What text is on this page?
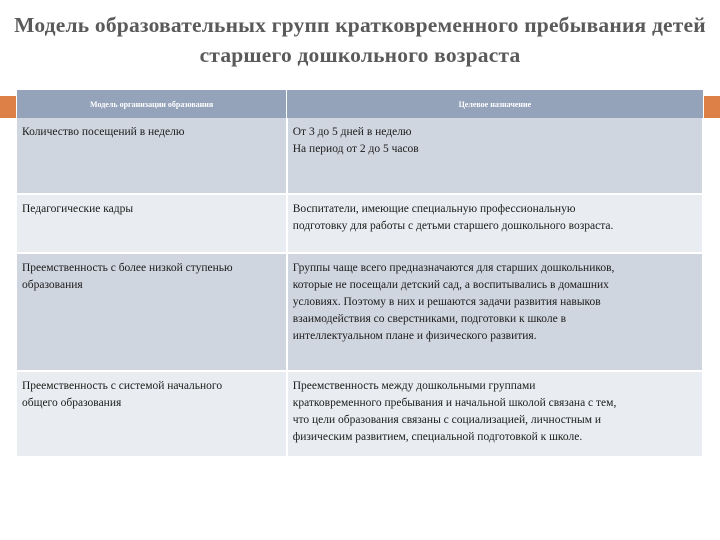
Модель образовательных групп кратковременного пребывания детей старшего дошкольного возраста
Модель организации образования	Целевое назначение

Количество посещений в неделю	От 3 до 5 дней в неделю
На период от 2 до 5 часов

Педагогические кадры	Воспитатели, имеющие специальную профессиональную
подготовку для работы с детьми старшего дошкольного возраста.

Преемственность с более низкой ступенью
образования	Группы чаще всего предназначаются для старших дошкольников,
которые не посещали детский сад, а воспитывались в домашних
условиях. Поэтому в них и решаются задачи развития навыков
взаимодействия со сверстниками, подготовки к школе в
интеллектуальном плане и физического развития.

Преемственность с системой начального
общего образования	Преемственность между дошкольными группами
кратковременного пребывания и начальной школой связана с тем,
что цели образования связаны с социализацией, личностным и
физическим развитием, специальной подготовкой к школе.
